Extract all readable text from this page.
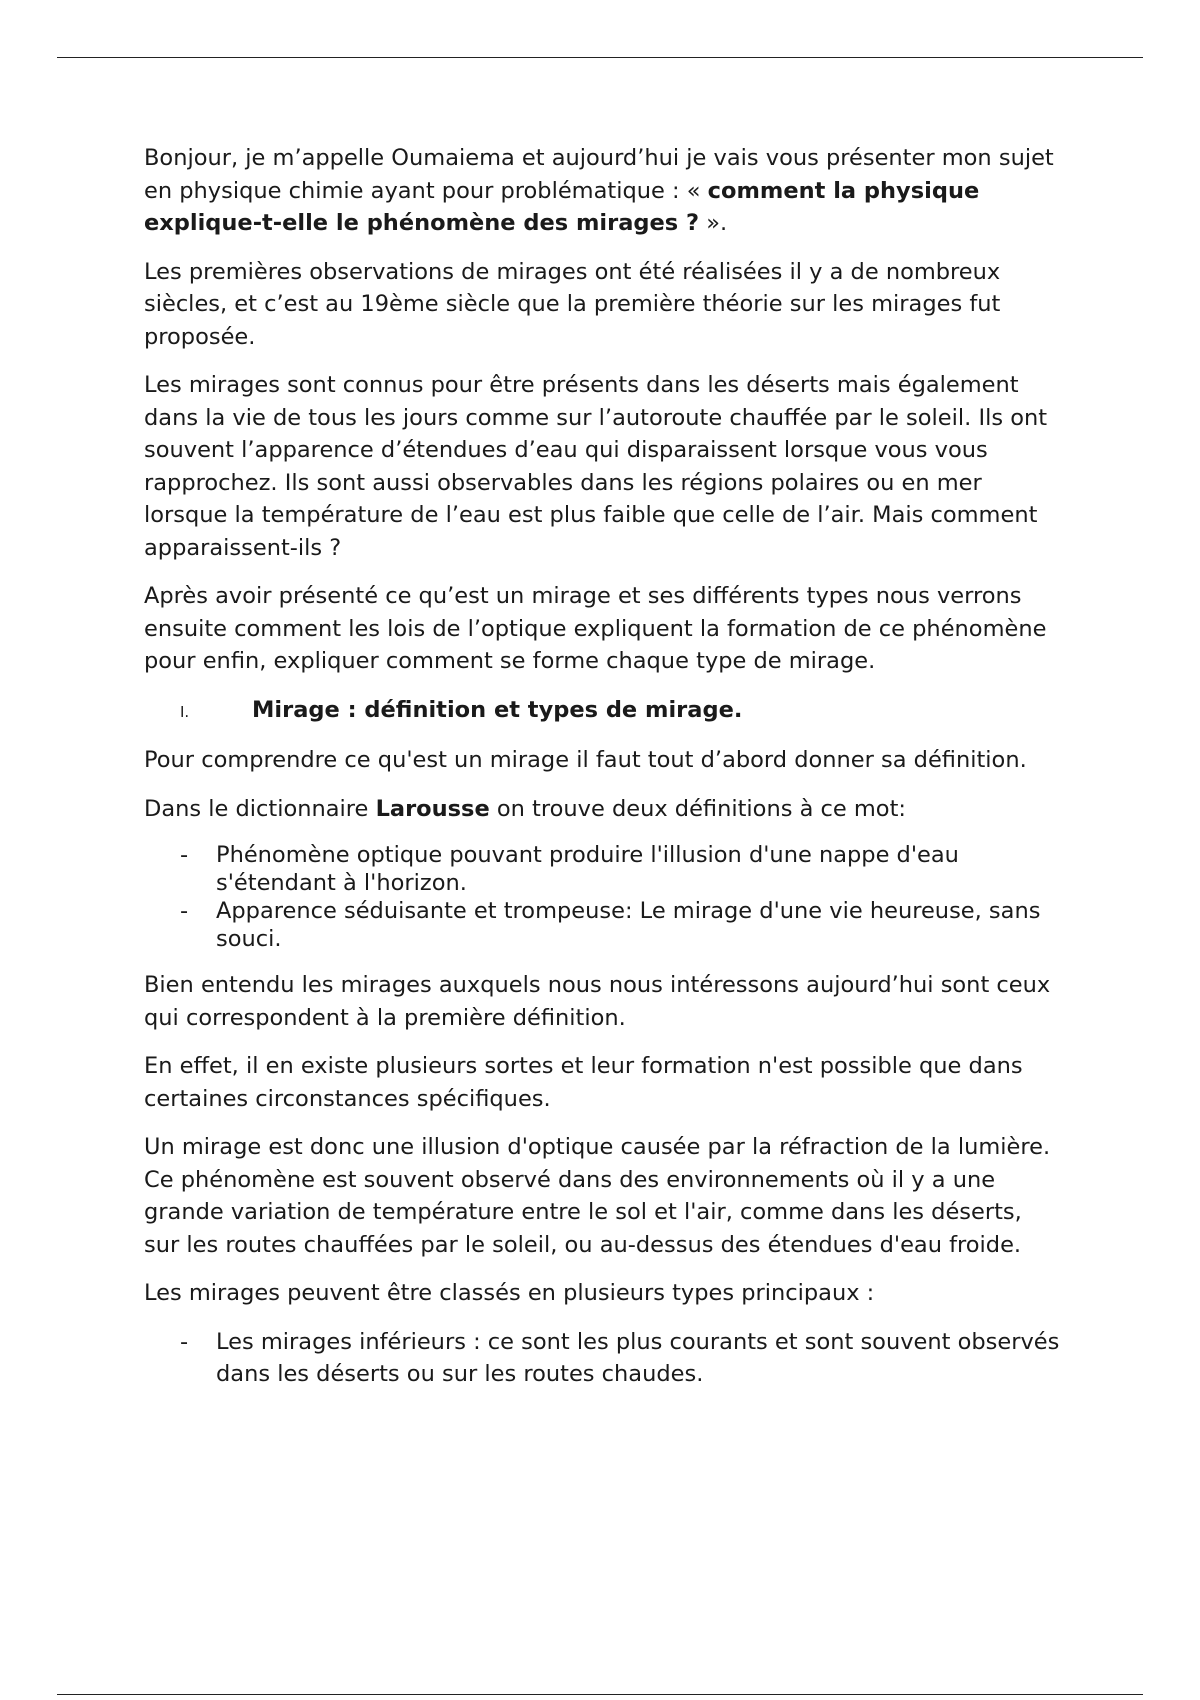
Bonjour, je m’appelle Oumaiema et aujourd’hui je vais vous présenter mon sujet en physique chimie ayant pour problématique : « comment la physique explique-t-elle le phénomène des mirages ? ».

Les premières observations de mirages ont été réalisées il y a de nombreux siècles, et c’est au 19ème siècle que la première théorie sur les mirages fut proposée.

Les mirages sont connus pour être présents dans les déserts mais également dans la vie de tous les jours comme sur l’autoroute chauffée par le soleil. Ils ont souvent l’apparence d’étendues d’eau qui disparaissent lorsque vous vous rapprochez. Ils sont aussi observables dans les régions polaires ou en mer lorsque la température de l’eau est plus faible que celle de l’air. Mais comment apparaissent-ils ?

Après avoir présenté ce qu’est un mirage et ses différents types nous verrons ensuite comment les lois de l’optique expliquent la formation de ce phénomène pour enfin, expliquer comment se forme chaque type de mirage.

I.	Mirage : définition et types de mirage.

Pour comprendre ce qu'est un mirage il faut tout d’abord donner sa définition.

Dans le dictionnaire Larousse on trouve deux définitions à ce mot:

- Phénomène optique pouvant produire l'illusion d'une nappe d'eau s'étendant à l'horizon.
- Apparence séduisante et trompeuse: Le mirage d'une vie heureuse, sans souci.

Bien entendu les mirages auxquels nous nous intéressons aujourd’hui sont ceux qui correspondent à la première définition.

En effet, il en existe plusieurs sortes et leur formation n'est possible que dans certaines circonstances spécifiques.

Un mirage est donc une illusion d'optique causée par la réfraction de la lumière. Ce phénomène est souvent observé dans des environnements où il y a une grande variation de température entre le sol et l'air, comme dans les déserts, sur les routes chauffées par le soleil, ou au-dessus des étendues d'eau froide.

Les mirages peuvent être classés en plusieurs types principaux :

- Les mirages inférieurs : ce sont les plus courants et sont souvent observés dans les déserts ou sur les routes chaudes.
